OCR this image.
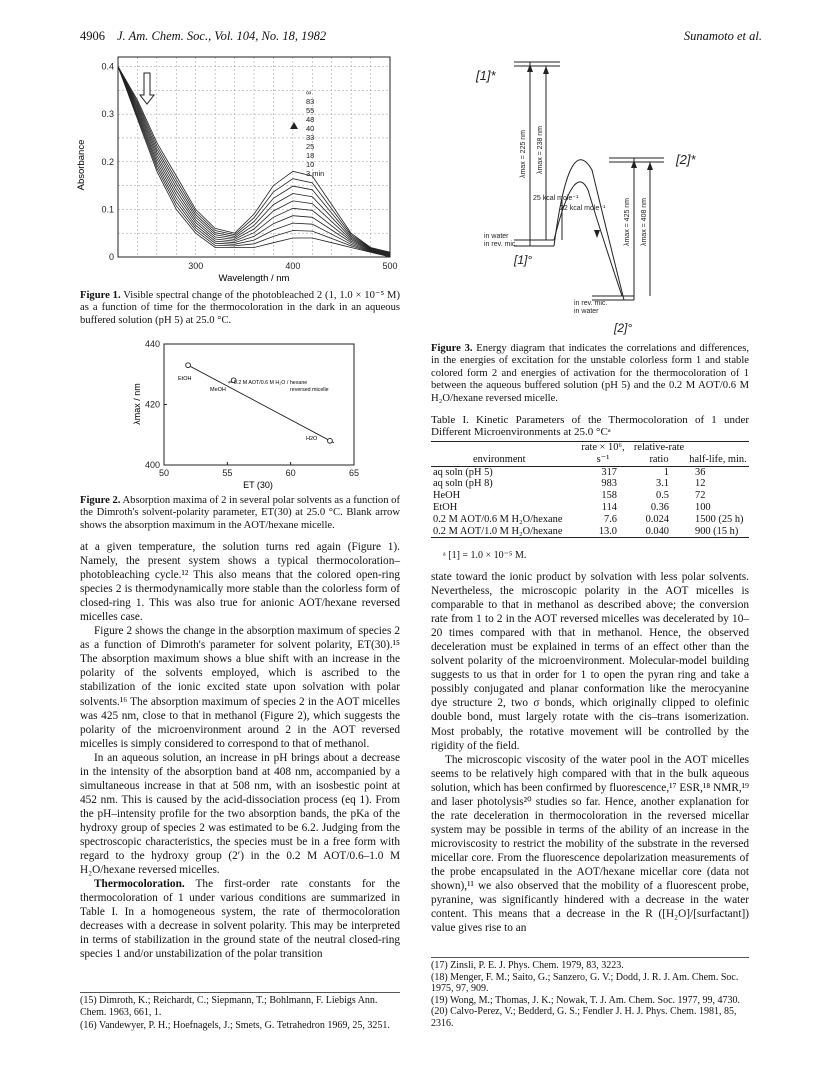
4906 J. Am. Chem. Soc., Vol. 104, No. 18, 1982	Sunamoto et al.
0.4
0.3
0.2
0.1
0
300	400	500
Absorbance
Wavelength / nm
∞
83
55
48
40
33
25
18
10
3 min
Figure 1. Visible spectral change of the photobleached 2 (1, 1.0 × 10⁻⁵ M) as a function of time for the thermocoloration in the dark in an aqueous buffered solution (pH 5) at 25.0 °C.
50	55	60	65
440
420
400
λmax / nm
ET (30)
EtOH
MeOH
H2O
⇐ 0.2 M AOT/0.6 M H₂O / hexane
reversed micelle
Figure 2. Absorption maxima of 2 in several polar solvents as a function of the Dimroth's solvent-polarity parameter, ET(30) at 25.0 °C. Blank arrow shows the absorption maximum in the AOT/hexane micelle.

at a given temperature, the solution turns red again (Figure 1). Namely, the present system shows a typical thermocoloration–photobleaching cycle.¹² This also means that the colored open-ring species 2 is thermodynamically more stable than the colorless form of closed-ring 1. This was also true for anionic AOT/hexane reversed micelles case.

Figure 2 shows the change in the absorption maximum of species 2 as a function of Dimroth's parameter for solvent polarity, ET(30).¹⁵ The absorption maximum shows a blue shift with an increase in the polarity of the solvents employed, which is ascribed to the stabilization of the ionic excited state upon solvation with polar solvents.¹⁶ The absorption maximum of species 2 in the AOT micelles was 425 nm, close to that in methanol (Figure 2), which suggests the polarity of the microenvironment around 2 in the AOT reversed micelles is simply considered to correspond to that of methanol.

In an aqueous solution, an increase in pH brings about a decrease in the intensity of the absorption band at 408 nm, accompanied by a simultaneous increase in that at 508 nm, with an isosbestic point at 452 nm. This is caused by the acid-dissociation process (eq 1). From the pH–intensity profile for the two absorption bands, the pKa of the hydroxy group of species 2 was estimated to be 6.2. Judging from the spectroscopic characteristics, the species must be in a free form with regard to the hydroxy group (2′) in the 0.2 M AOT/0.6–1.0 M H₂O/hexane reversed micelles.

Thermocoloration. The first-order rate constants for the thermocoloration of 1 under various conditions are summarized in Table I. In a homogeneous system, the rate of thermocoloration decreases with a decrease in solvent polarity. This may be interpreted in terms of stabilization in the ground state of the neutral closed-ring species 1 and/or unstabilization of the polar transition

(15) Dimroth, K.; Reichardt, C.; Siepmann, T.; Bohlmann, F. Liebigs Ann. Chem. 1963, 661, 1.
(16) Vandewyer, P. H.; Hoefnagels, J.; Smets, G. Tetrahedron 1969, 25, 3251.
[1]*
[2]*
[1]°
[2]°
in water
in rev. mic.
in rev. mic.
in water
λmax = 225 nm λmax = 238 nm
λmax = 425 nm λmax = 408 nm
25 kcal mole⁻¹
22 kcal mole⁻¹
Figure 3. Energy diagram that indicates the correlations and differences, in the energies of excitation for the unstable colorless form 1 and stable colored form 2 and energies of activation for the thermocoloration of 1 between the aqueous buffered solution (pH 5) and the 0.2 M AOT/0.6 M H₂O/hexane reversed micelle.
Table I. Kinetic Parameters of the Thermocoloration of 1 under Different Microenvironments at 25.0 °Cᵃ
environment	rate × 10⁶, s⁻¹	relative-rate ratio	half-life, min.
aq soln (pH 5)	317	1	36
aq soln (pH 8)	983	3.1	12
HeOH	158	0.5	72
EtOH	114	0.36	100
0.2 M AOT/0.6 M H₂O/hexane	7.6	0.024	1500 (25 h)
0.2 M AOT/1.0 M H₂O/hexane	13.0	0.040	900 (15 h)
ᵃ [1] = 1.0 × 10⁻⁵ M.

state toward the ionic product by solvation with less polar solvents. Nevertheless, the microscopic polarity in the AOT micelles is comparable to that in methanol as described above; the conversion rate from 1 to 2 in the AOT reversed micelles was decelerated by 10–20 times compared with that in methanol. Hence, the observed deceleration must be explained in terms of an effect other than the solvent polarity of the microenvironment. Molecular-model building suggests to us that in order for 1 to open the pyran ring and take a possibly conjugated and planar conformation like the merocyanine dye structure 2, two σ bonds, which originally clipped to olefinic double bond, must largely rotate with the cis–trans isomerization. Most probably, the rotative movement will be controlled by the rigidity of the field.

The microscopic viscosity of the water pool in the AOT micelles seems to be relatively high compared with that in the bulk aqueous solution, which has been confirmed by fluorescence,¹⁷ ESR,¹⁸ NMR,¹⁹ and laser photolysis²⁰ studies so far. Hence, another explanation for the rate deceleration in thermocoloration in the reversed micellar system may be possible in terms of the ability of an increase in the microviscosity to restrict the mobility of the substrate in the reversed micellar core. From the fluorescence depolarization measurements of the probe encapsulated in the AOT/hexane micellar core (data not shown),¹¹ we also observed that the mobility of a fluorescent probe, pyranine, was significantly hindered with a decrease in the water content. This means that a decrease in the R ([H₂O]/[surfactant]) value gives rise to an

(17) Zinsli, P. E. J. Phys. Chem. 1979, 83, 3223.
(18) Menger, F. M.; Saito, G.; Sanzero, G. V.; Dodd, J. R. J. Am. Chem. Soc. 1975, 97, 909.
(19) Wong, M.; Thomas, J. K.; Nowak, T. J. Am. Chem. Soc. 1977, 99, 4730.
(20) Calvo-Perez, V.; Bedderd, G. S.; Fendler J. H. J. Phys. Chem. 1981, 85, 2316.
